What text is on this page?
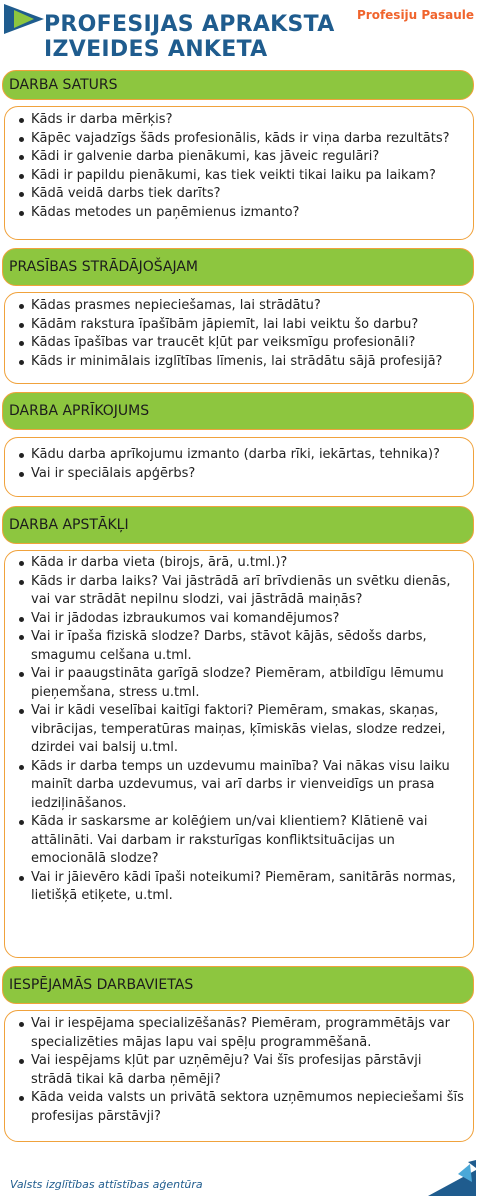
PROFESIJAS APRAKSTA
IZVEIDES ANKETA
Profesiju Pasaule
DARBA SATURS
Kāds ir darba mērķis?
Kāpēc vajadzīgs šāds profesionālis, kāds ir viņa darba rezultāts?
Kādi ir galvenie darba pienākumi, kas jāveic regulāri?
Kādi ir papildu pienākumi, kas tiek veikti tikai laiku pa laikam?
Kādā veidā darbs tiek darīts?
Kādas metodes un paņēmienus izmanto?
PRASĪBAS STRĀDĀJOŠAJAM
Kādas prasmes nepieciešamas, lai strādātu?
Kādām rakstura īpašībām jāpiemīt, lai labi veiktu šo darbu?
Kādas īpašības var traucēt kļūt par veiksmīgu profesionāli?
Kāds ir minimālais izglītības līmenis, lai strādātu sājā profesijā?
DARBA APRĪKOJUMS
Kādu darba aprīkojumu izmanto (darba rīki, iekārtas, tehnika)?
Vai ir speciālais apģērbs?
DARBA APSTĀKĻI
Kāda ir darba vieta (birojs, ārā, u.tml.)?
Kāds ir darba laiks? Vai jāstrādā arī brīvdienās un svētku dienās, vai var strādāt nepilnu slodzi, vai jāstrādā maiņās?
Vai ir jādodas izbraukumos vai komandējumos?
Vai ir īpaša fiziskā slodze? Darbs, stāvot kājās, sēdošs darbs, smagumu celšana u.tml.
Vai ir paaugstināta garīgā slodze? Piemēram, atbildīgu lēmumu pieņemšana, stress u.tml.
Vai ir kādi veselībai kaitīgi faktori? Piemēram, smakas, skaņas, vibrācijas, temperatūras maiņas, ķīmiskās vielas, slodze redzei, dzirdei vai balsij u.tml.
Kāds ir darba temps un uzdevumu mainība? Vai nākas visu laiku mainīt darba uzdevumus, vai arī darbs ir vienveidīgs un prasa iedziļināšanos.
Kāda ir saskarsme ar kolēģiem un/vai klientiem? Klātienē vai attālināti. Vai darbam ir raksturīgas konfliktsituācijas un emocionālā slodze?
Vai ir jāievēro kādi īpaši noteikumi? Piemēram, sanitārās normas, lietišķā etiķete, u.tml.
IESPĒJAMĀS DARBAVIETAS
Vai ir iespējama specializēšanās? Piemēram, programmētājs var specializēties mājas lapu vai spēļu programmēšanā.
Vai iespējams kļūt par uzņēmēju? Vai šīs profesijas pārstāvji strādā tikai kā darba ņēmēji?
Kāda veida valsts un privātā sektora uzņēmumos nepieciešami šīs profesijas pārstāvji?
Valsts izglītības attīstības aģentūra
